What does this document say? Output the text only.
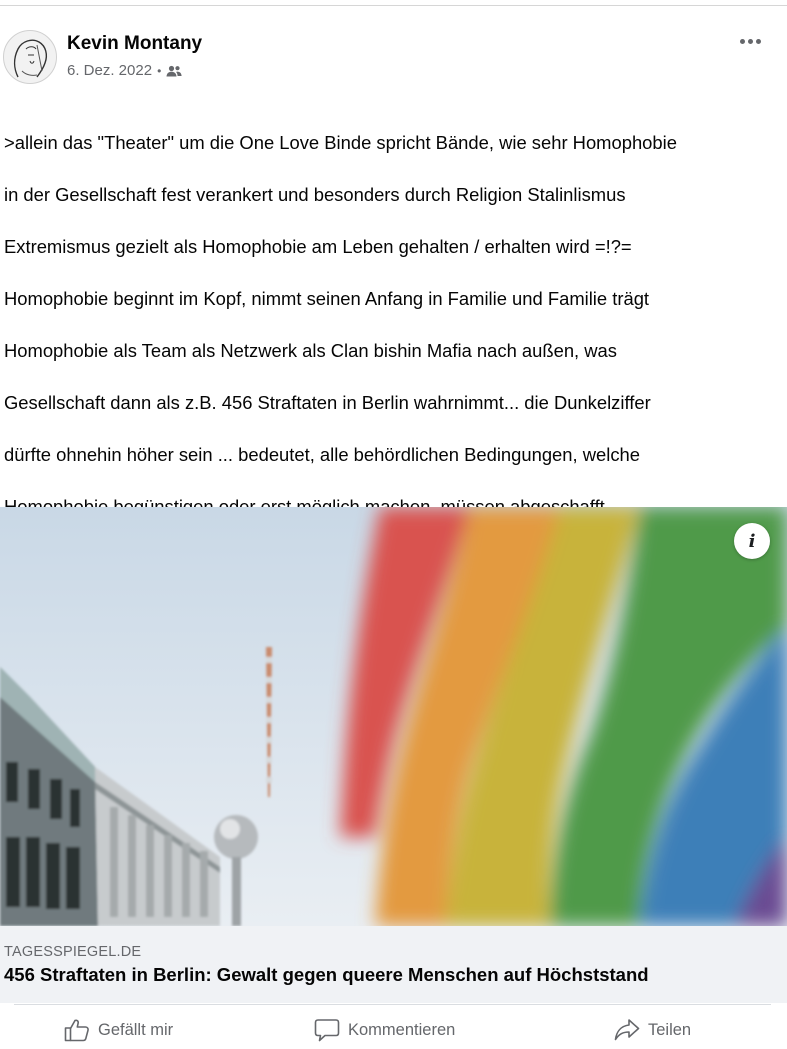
Kevin Montany
6. Dez. 2022 •

>allein das "Theater" um die One Love Binde spricht Bände, wie sehr Homophobie

in der Gesellschaft fest verankert und besonders durch Religion Stalinlismus

Extremismus gezielt als Homophobie am Leben gehalten / erhalten wird =!?=

Homophobie beginnt im Kopf, nimmt seinen Anfang in Familie und Familie trägt

Homophobie als Team als Netzwerk als Clan bishin Mafia nach außen, was

Gesellschaft dann als z.B. 456 Straftaten in Berlin wahrnimmt... die Dunkelziffer

dürfte ohnehin höher sein ... bedeutet, alle behördlichen Bedingungen, welche

i
TAGESSPIEGEL.DE
456 Straftaten in Berlin: Gewalt gegen queere Menschen auf Höchststand
Gefällt mir	Kommentieren	Teilen
